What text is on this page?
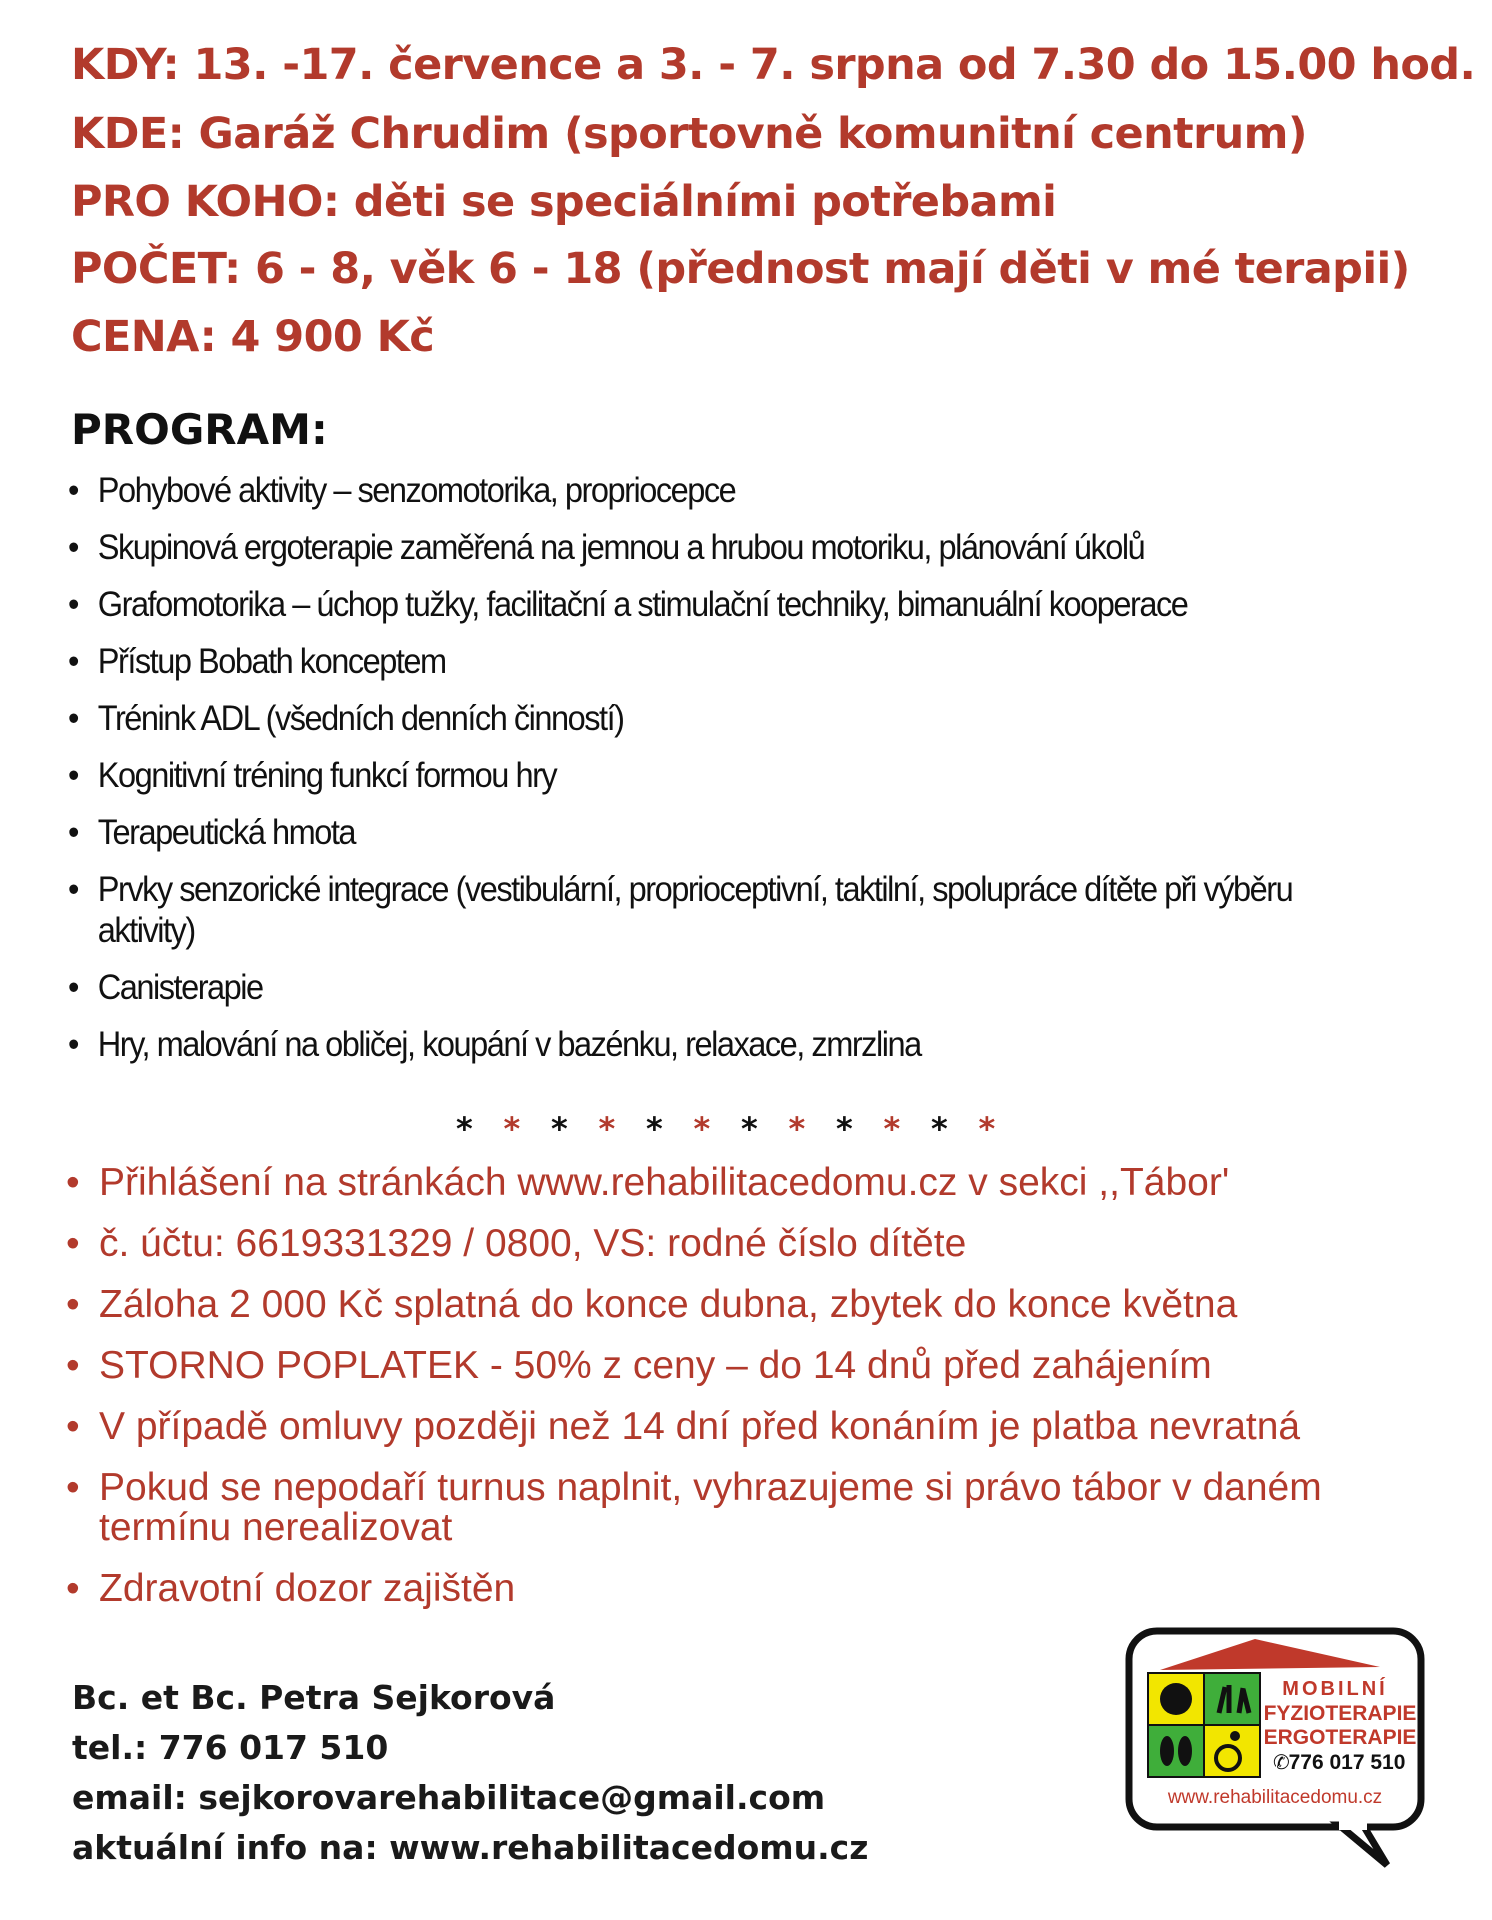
KDY: 13. -17. července a 3. - 7. srpna od 7.30 do 15.00 hod.

KDE: Garáž Chrudim (sportovně komunitní centrum)

PRO KOHO: děti se speciálními potřebami

POČET: 6 - 8, věk 6 - 18 (přednost mají děti v mé terapii)

CENA: 4 900 Kč

PROGRAM:
• Pohybové aktivity – senzomotorika, propriocepce
• Skupinová ergoterapie zaměřená na jemnou a hrubou motoriku, plánování úkolů
• Grafomotorika – úchop tužky, facilitační a stimulační techniky, bimanuální kooperace
• Přístup Bobath konceptem
• Trénink ADL (všedních denních činností)
• Kognitivní tréning funkcí formou hry
• Terapeutická hmota
• Prvky senzorické integrace (vestibulární, proprioceptivní, taktilní, spolupráce dítěte při výběru aktivity)
• Canisterapie
• Hry, malování na obličej, koupání v bazénku, relaxace, zmrzlina

* * * * * * * * * * * *

• Přihlášení na stránkách www.rehabilitacedomu.cz v sekci ,,Tábor'
• č. účtu: 6619331329 / 0800, VS: rodné číslo dítěte
• Záloha 2 000 Kč splatná do konce dubna, zbytek do konce května
• STORNO POPLATEK - 50% z ceny – do 14 dnů před zahájením
• V případě omluvy později než 14 dní před konáním je platba nevratná
• Pokud se nepodaří turnus naplnit, vyhrazujeme si právo tábor v daném termínu nerealizovat
• Zdravotní dozor zajištěn

Bc. et Bc. Petra Sejkorová

tel.: 776 017 510

email: sejkorovarehabilitace@gmail.com

aktuální info na: www.rehabilitacedomu.cz

MOBILNÍ
FYZIOTERAPIE
ERGOTERAPIE
✆
776 017 510
www.rehabilitacedomu.cz
